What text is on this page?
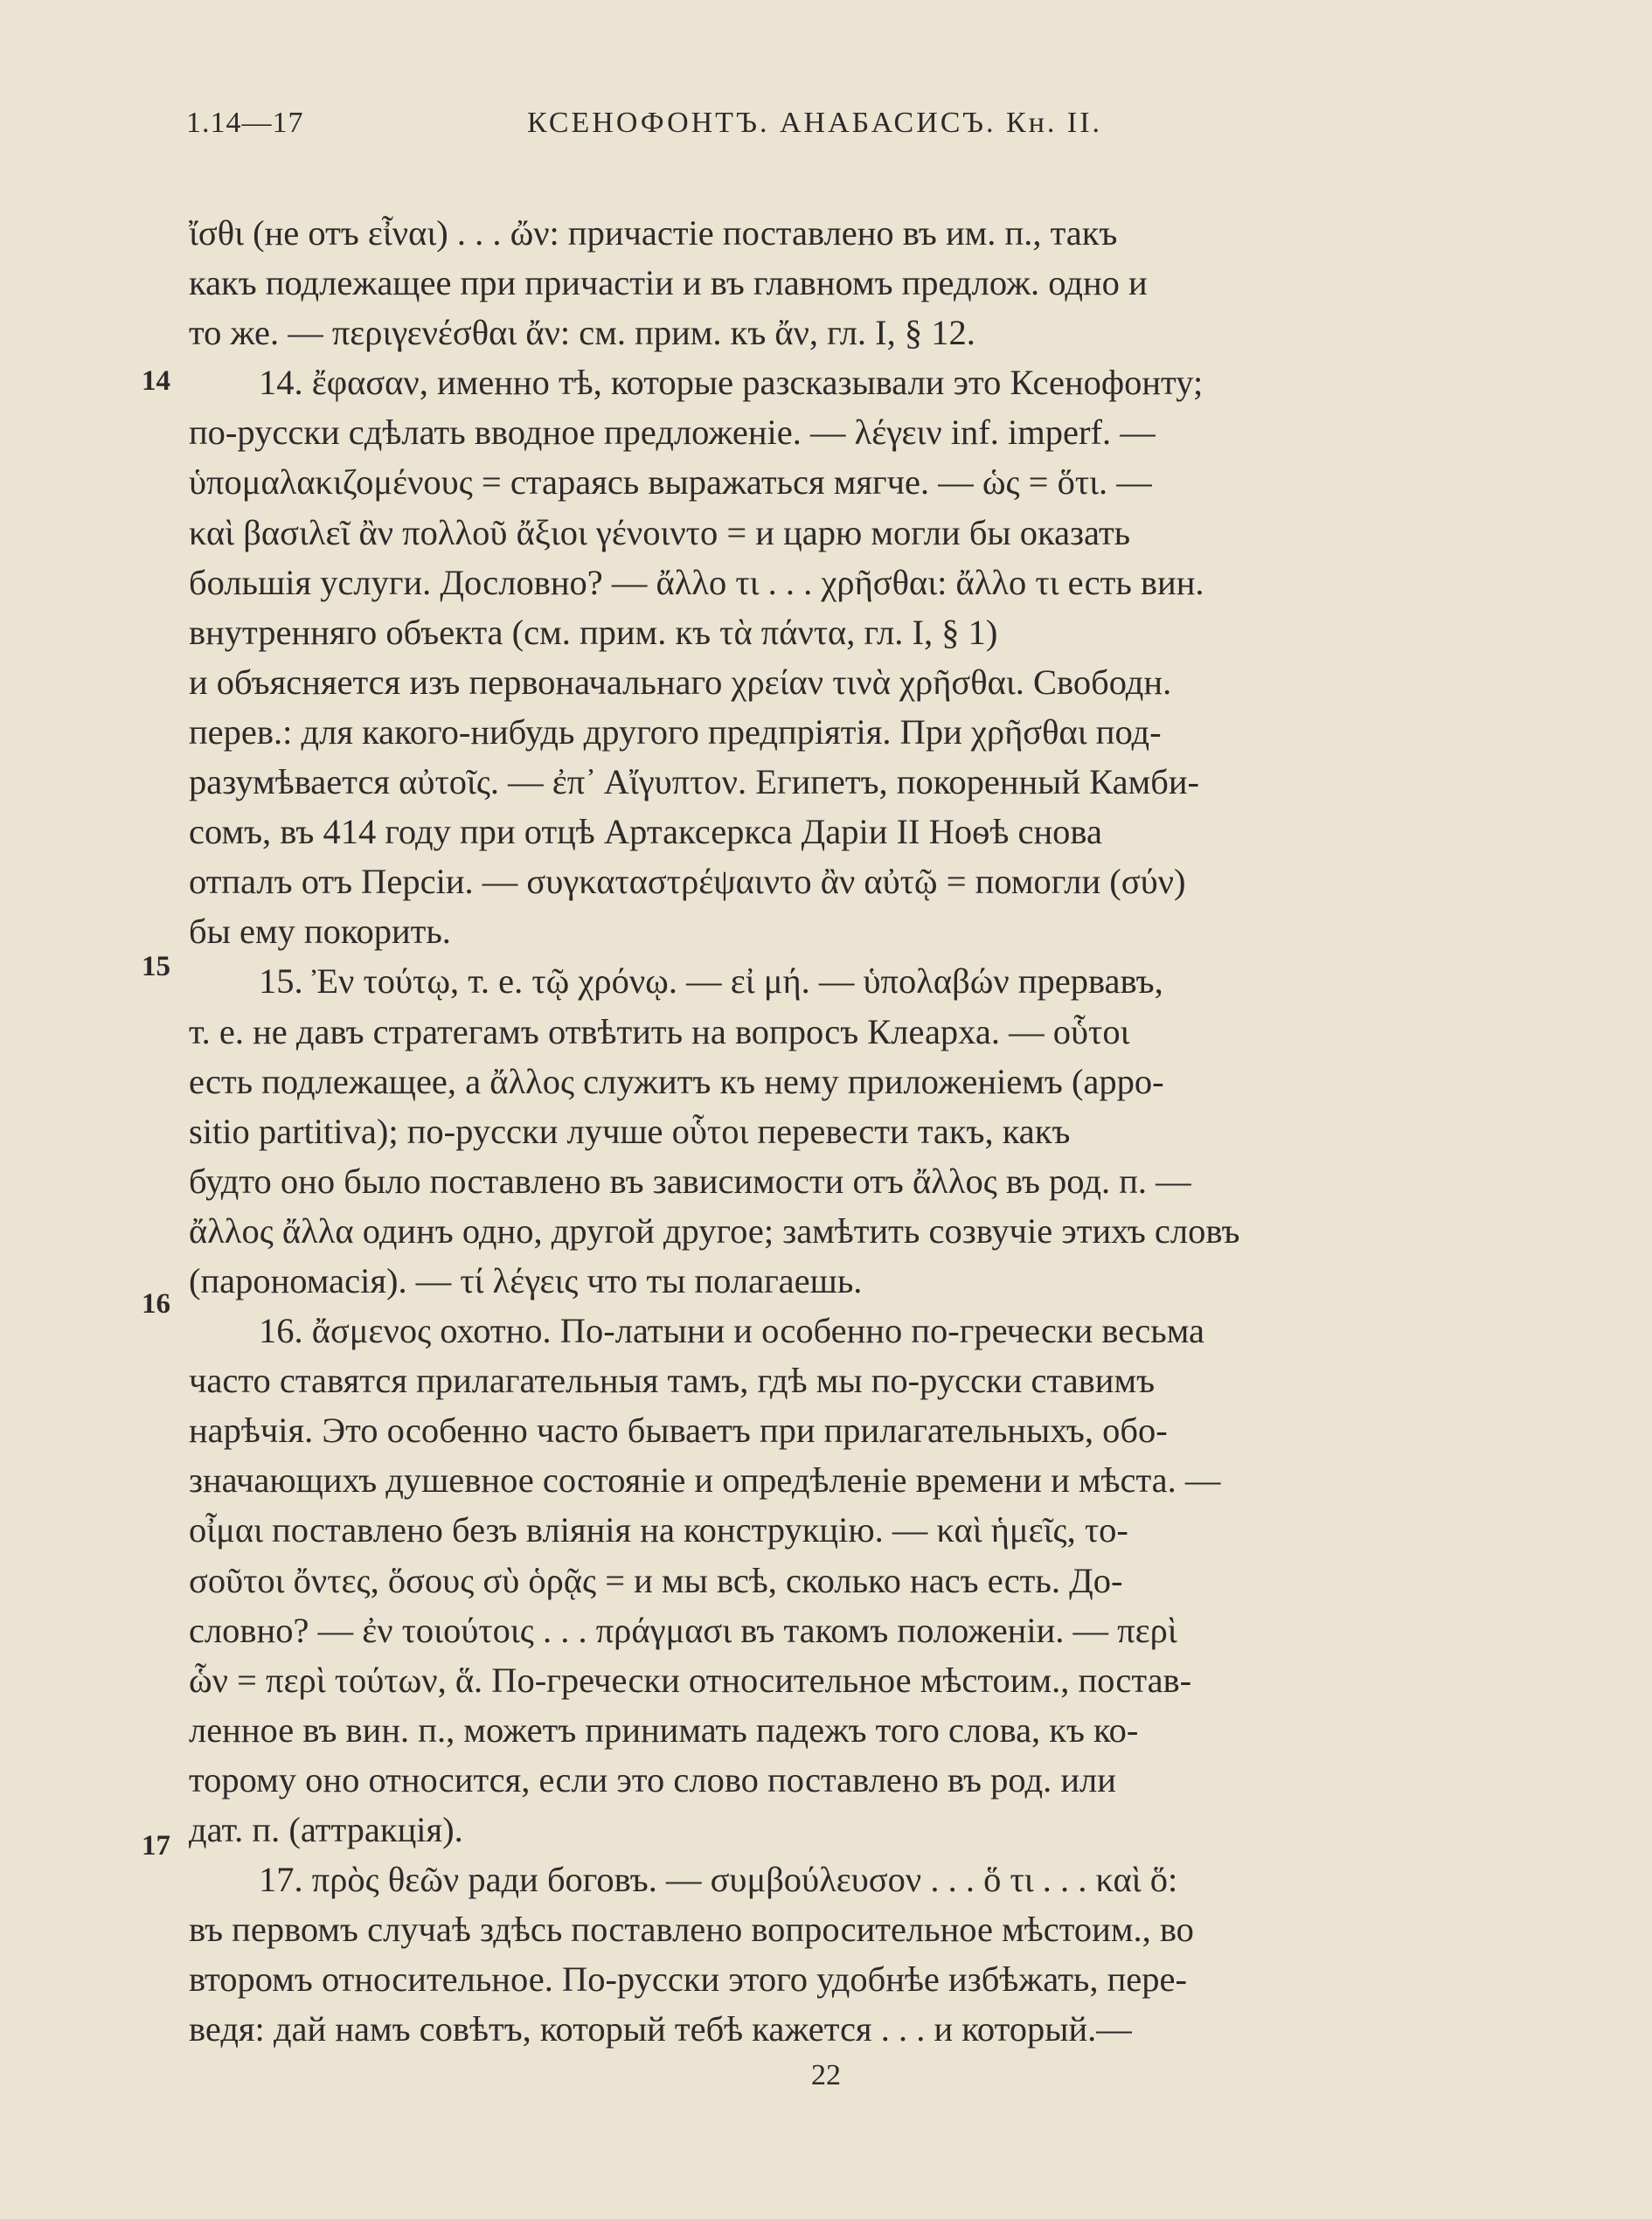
1.14—17	КСЕНОФОНТЪ. АНАБАСИСЪ. Кн. II.
14
15
16
17
ἴσθι (не отъ εἶναι) . . . ὤν: причастіе поставлено въ им. п., такъ
какъ подлежащее при причастіи и въ главномъ предлож. одно и
то же. — περιγενέσθαι ἄν: см. прим. къ ἄν, гл. I, § 12.
14. ἔφασαν, именно тѣ, которые разсказывали это Ксенофонту;
по-русски сдѣлать вводное предложеніе. — λέγειν inf. imperf. —
ὑπομαλακιζομένους = стараясь выражаться мягче. — ὡς = ὅτι. —
καὶ βασιλεῖ ἂν πολλοῦ ἄξιοι γένοιντο = и царю могли бы оказать
большія услуги. Дословно? — ἄλλο τι . . . χρῆσθαι: ἄλλο τι есть вин.
внутренняго объекта (см. прим. къ τὰ πάντα, гл. I, § 1)
и объясняется изъ первоначальнаго χρείαν τινὰ χρῆσθαι. Свободн.
перев.: для какого-нибудь другого предпріятія. При χρῆσθαι под-
разумѣвается αὐτοῖς. — ἐπ᾿ Αἴγυπτον. Египетъ, покоренный Камби-
сомъ, въ 414 году при отцѣ Артаксеркса Даріи II Ноѳѣ снова
отпалъ отъ Персіи. — συγκαταστρέψαιντο ἂν αὐτῷ = помогли (σύν)
бы ему покорить.
15. Ἐν τούτῳ, т. е. τῷ χρόνῳ. — εἰ μή. — ὑπολαβών прервавъ,
т. е. не давъ стратегамъ отвѣтить на вопросъ Клеарха. — οὗτοι
есть подлежащее, а ἄλλος служитъ къ нему приложеніемъ (appo-
sitio partitiva); по-русски лучше οὗτοι перевести такъ, какъ
будто оно было поставлено въ зависимости отъ ἄλλος въ род. п. —
ἄλλος ἄλλα одинъ одно, другой другое; замѣтить созвучіе этихъ словъ
(парономасія). — τί λέγεις что ты полагаешь.
16. ἄσμενος охотно. По-латыни и особенно по-гречески весьма
часто ставятся прилагательныя тамъ, гдѣ мы по-русски ставимъ
нарѣчія. Это особенно часто бываетъ при прилагательныхъ, обо-
значающихъ душевное состояніе и опредѣленіе времени и мѣста. —
οἶμαι поставлено безъ вліянія на конструкцію. — καὶ ἡμεῖς, το-
σοῦτοι ὄντες, ὅσους σὺ ὁρᾷς = и мы всѣ, сколько насъ есть. До-
словно? — ἐν τοιούτοις . . . πράγμασι въ такомъ положеніи. — περὶ
ὧν = περὶ τούτων, ἅ. По-гречески относительное мѣстоим., постав-
ленное въ вин. п., можетъ принимать падежъ того слова, къ ко-
торому оно относится, если это слово поставлено въ род. или
дат. п. (аттракція).
17. πρὸς θεῶν ради боговъ. — συμβούλευσον . . . ὅ τι . . . καὶ ὅ:
въ первомъ случаѣ здѣсь поставлено вопросительное мѣстоим., во
второмъ относительное. По-русски этого удобнѣе избѣжать, пере-
ведя: дай намъ совѣтъ, который тебѣ кажется . . . и который.—
22
